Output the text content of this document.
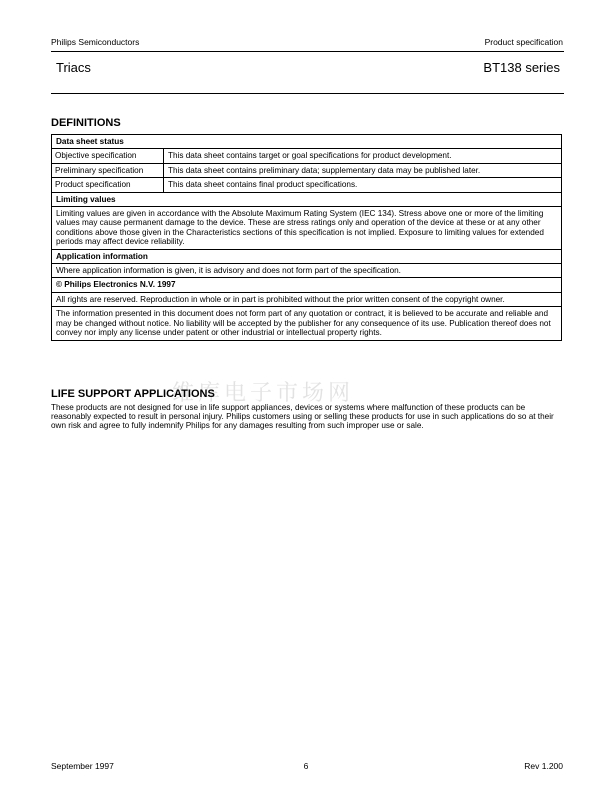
Philips Semiconductors	Product specification
Triacs	BT138 series
DEFINITIONS
Data sheet status	
Objective specification	This data sheet contains target or goal specifications for product development.
Preliminary specification	This data sheet contains preliminary data; supplementary data may be published later.
Product specification	This data sheet contains final product specifications.
Limiting values	
Limiting values are given in accordance with the Absolute Maximum Rating System (IEC 134). Stress above one or more of the limiting values may cause permanent damage to the device. These are stress ratings only and operation of the device at these or at any other conditions above those given in the Characteristics sections of this specification is not implied. Exposure to limiting values for extended periods may affect device reliability.	
Application information	
Where application information is given, it is advisory and does not form part of the specification.	
© Philips Electronics N.V. 1997	
All rights are reserved. Reproduction in whole or in part is prohibited without the prior written consent of the copyright owner.	
The information presented in this document does not form part of any quotation or contract, it is believed to be accurate and reliable and may be changed without notice. No liability will be accepted by the publisher for any consequence of its use. Publication thereof does not convey nor imply any license under patent or other industrial or intellectual property rights.	
维库电子市场网
LIFE SUPPORT APPLICATIONS
These products are not designed for use in life support appliances, devices or systems where malfunction of these products can be reasonably expected to result in personal injury. Philips customers using or selling these products for use in such applications do so at their own risk and agree to fully indemnify Philips for any damages resulting from such improper use or sale.
September 1997	6	Rev 1.200
